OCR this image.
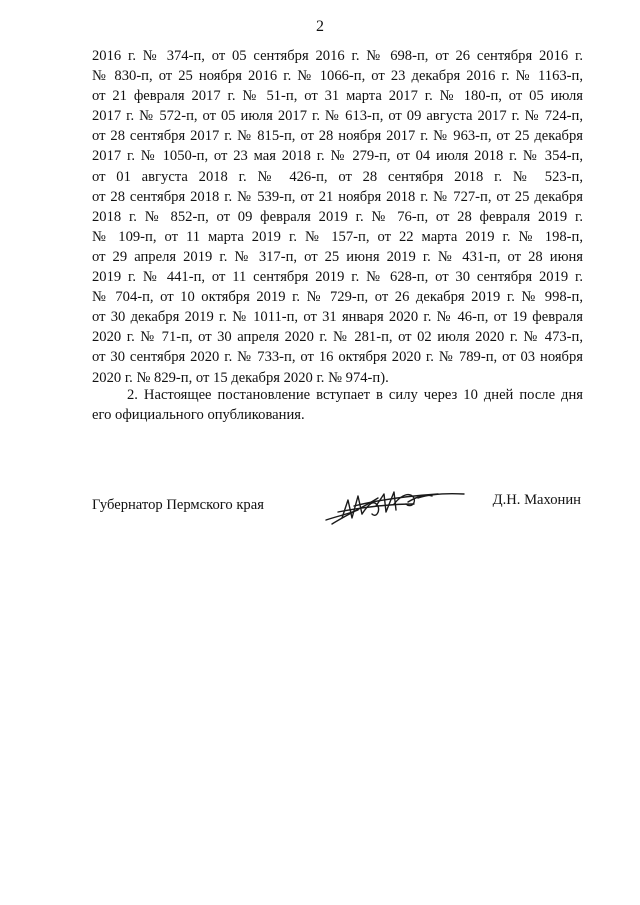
2
2016 г. № 374-п, от 05 сентября 2016 г. № 698-п, от 26 сентября 2016 г.
№ 830-п, от 25 ноября 2016 г. № 1066-п, от 23 декабря 2016 г. № 1163-п,
от 21 февраля 2017 г. № 51-п, от 31 марта 2017 г. № 180-п, от 05 июля
2017 г. № 572-п, от 05 июля 2017 г. № 613-п, от 09 августа 2017 г. № 724-п,
от 28 сентября 2017 г. № 815-п, от 28 ноября 2017 г. № 963-п, от 25 декабря
2017 г. № 1050-п, от 23 мая 2018 г. № 279-п, от 04 июля 2018 г. № 354-п,
от 01 августа 2018 г. № 426-п, от 28 сентября 2018 г. № 523-п,
от 28 сентября 2018 г. № 539-п, от 21 ноября 2018 г. № 727-п, от 25 декабря
2018 г. № 852-п, от 09 февраля 2019 г. № 76-п, от 28 февраля 2019 г.
№ 109-п, от 11 марта 2019 г. № 157-п, от 22 марта 2019 г. № 198-п,
от 29 апреля 2019 г. № 317-п, от 25 июня 2019 г. № 431-п, от 28 июня
2019 г. № 441-п, от 11 сентября 2019 г. № 628-п, от 30 сентября 2019 г.
№ 704-п, от 10 октября 2019 г. № 729-п, от 26 декабря 2019 г. № 998-п,
от 30 декабря 2019 г. № 1011-п, от 31 января 2020 г. № 46-п, от 19 февраля
2020 г. № 71-п, от 30 апреля 2020 г. № 281-п, от 02 июля 2020 г. № 473-п,
от 30 сентября 2020 г. № 733-п, от 16 октября 2020 г. № 789-п, от 03 ноября
2020 г. № 829-п, от 15 декабря 2020 г. № 974-п).
2. Настоящее постановление вступает в силу через 10 дней после дня
его официального опубликования.
Губернатор Пермского края	Д.Н. Махонин
